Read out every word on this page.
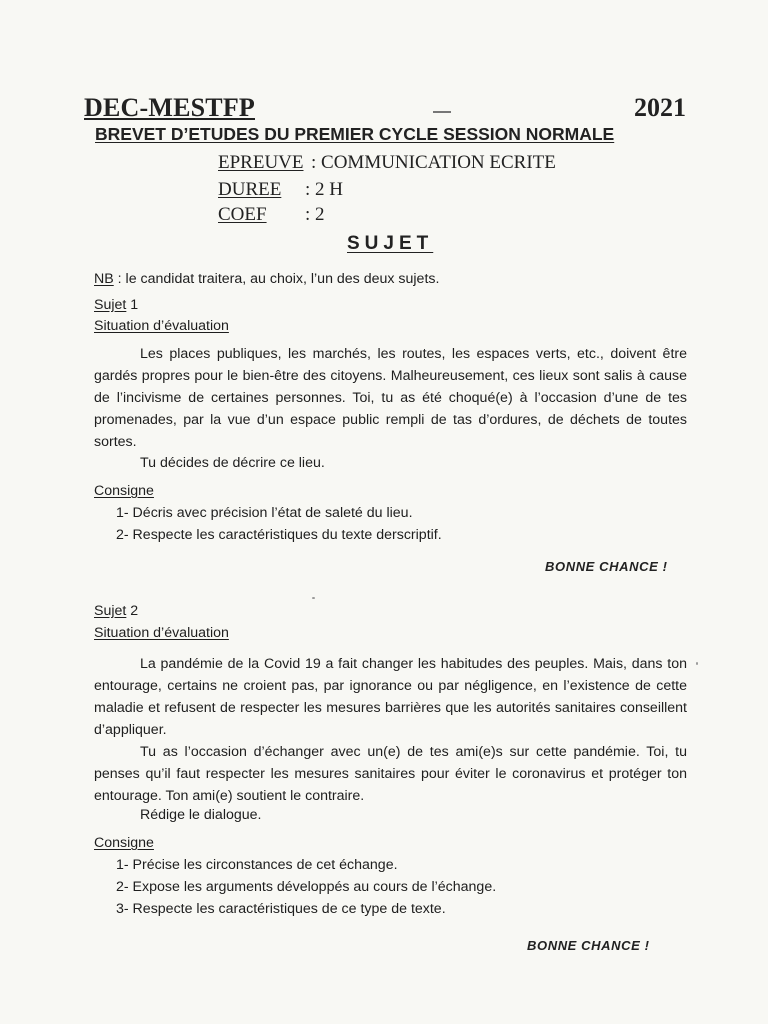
DEC-MESTFP	2021
BREVET D’ETUDES DU PREMIER CYCLE SESSION NORMALE
EPREUVE : COMMUNICATION ECRITE
DUREE : 2 H
COEF : 2
SUJET
NB : le candidat traitera, au choix, l’un des deux sujets.
Sujet 1
Situation d’évaluation
Les places publiques, les marchés, les routes, les espaces verts, etc., doivent être gardés propres pour le bien-être des citoyens. Malheureusement, ces lieux sont salis à cause de l’incivisme de certaines personnes. Toi, tu as été choqué(e) à l’occasion d’une de tes promenades, par la vue d’un espace public rempli de tas d’ordures, de déchets de toutes sortes.
Tu décides de décrire ce lieu.
Consigne
1- Décris avec précision l’état de saleté du lieu.
2- Respecte les caractéristiques du texte derscriptif.
BONNE CHANCE !
Sujet 2
Situation d’évaluation
La pandémie de la Covid 19 a fait changer les habitudes des peuples. Mais, dans ton entourage, certains ne croient pas, par ignorance ou par négligence, en l’existence de cette maladie et refusent de respecter les mesures barrières que les autorités sanitaires conseillent d’appliquer.
Tu as l’occasion d’échanger avec un(e) de tes ami(e)s sur cette pandémie. Toi, tu penses qu’il faut respecter les mesures sanitaires pour éviter le coronavirus et protéger ton entourage. Ton ami(e) soutient le contraire.
Rédige le dialogue.
Consigne
1- Précise les circonstances de cet échange.
2- Expose les arguments développés au cours de l’échange.
3- Respecte les caractéristiques de ce type de texte.
BONNE CHANCE !
